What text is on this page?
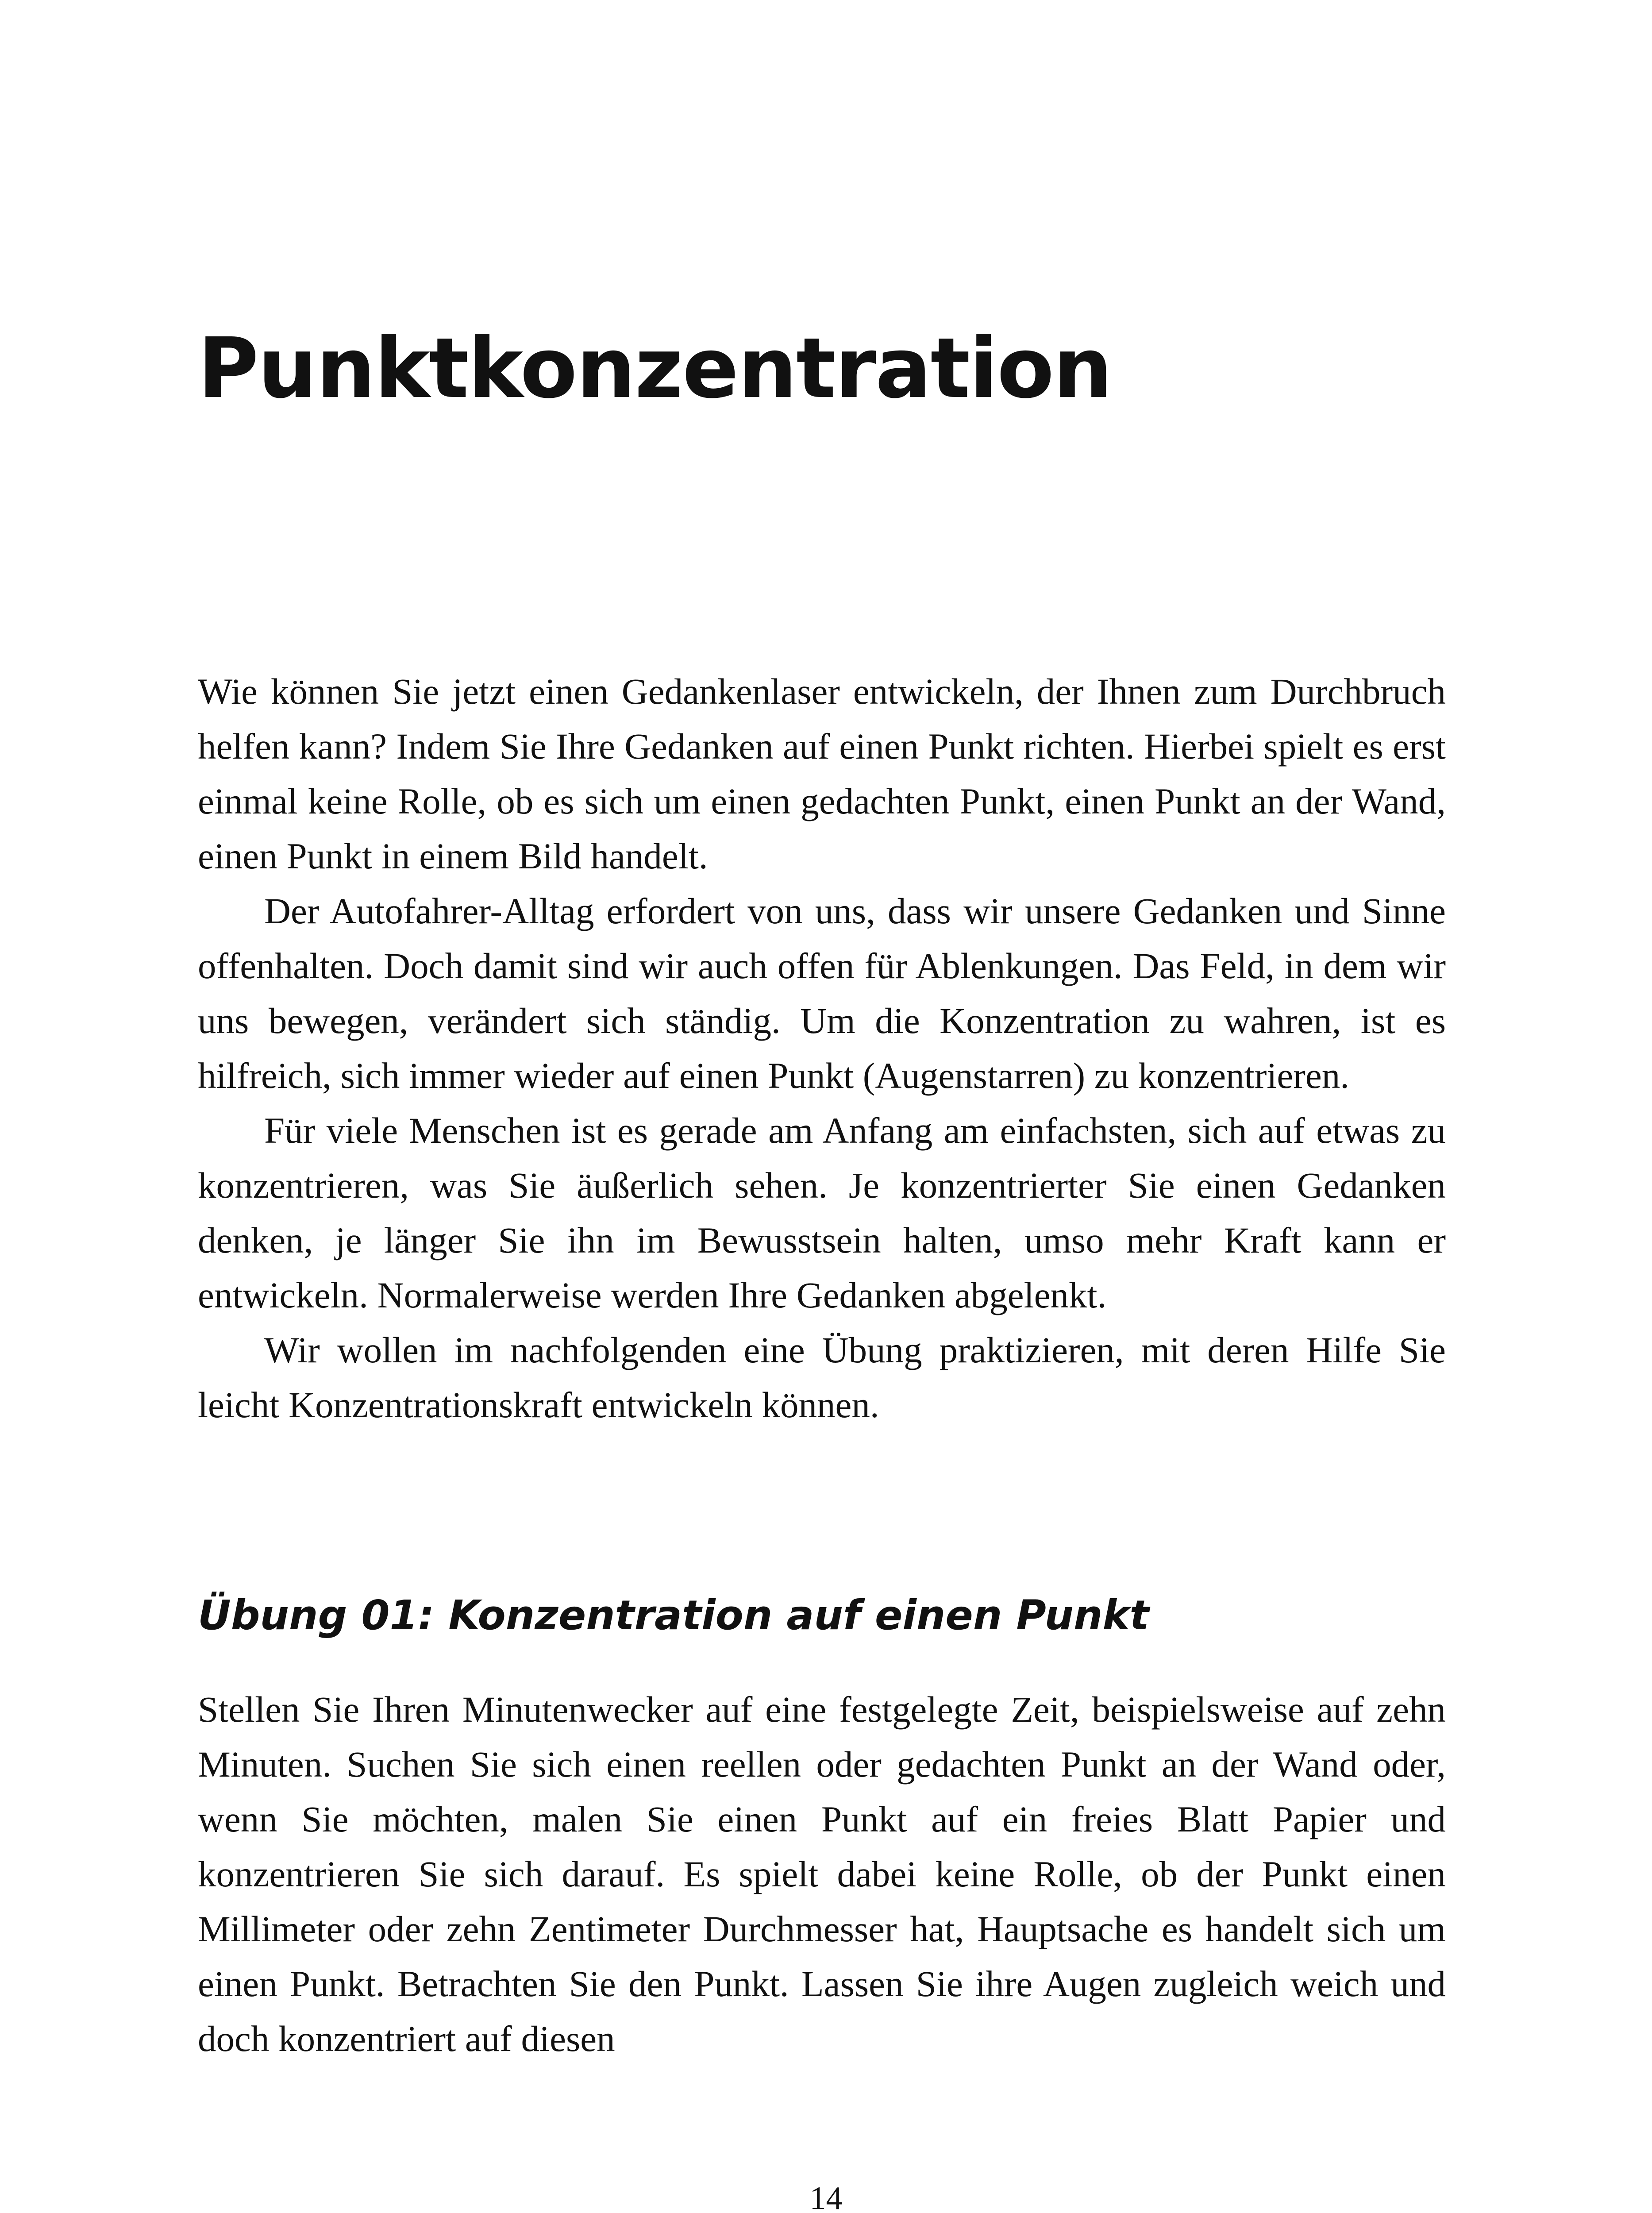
Punktkonzentration

Wie können Sie jetzt einen Gedankenlaser entwickeln, der Ihnen zum Durchbruch helfen kann? Indem Sie Ihre Gedanken auf einen Punkt richten. Hierbei spielt es erst einmal keine Rolle, ob es sich um einen gedachten Punkt, einen Punkt an der Wand, einen Punkt in einem Bild handelt.

Der Autofahrer-Alltag erfordert von uns, dass wir unsere Gedanken und Sinne offenhalten. Doch damit sind wir auch offen für Ablenkungen. Das Feld, in dem wir uns bewegen, verändert sich ständig. Um die Konzentration zu wahren, ist es hilfreich, sich immer wieder auf einen Punkt (Augenstarren) zu konzentrieren.

Für viele Menschen ist es gerade am Anfang am einfachsten, sich auf etwas zu konzentrieren, was Sie äußerlich sehen. Je konzentrierter Sie einen Gedanken denken, je länger Sie ihn im Bewusstsein halten, umso mehr Kraft kann er entwickeln. Normalerweise werden Ihre Gedanken abgelenkt.

Wir wollen im nachfolgenden eine Übung praktizieren, mit deren Hilfe Sie leicht Konzentrationskraft entwickeln können.

Übung 01: Konzentration auf einen Punkt

Stellen Sie Ihren Minutenwecker auf eine festgelegte Zeit, beispielsweise auf zehn Minuten. Suchen Sie sich einen reellen oder gedachten Punkt an der Wand oder, wenn Sie möchten, malen Sie einen Punkt auf ein freies Blatt Papier und konzentrieren Sie sich darauf. Es spielt dabei keine Rolle, ob der Punkt einen Millimeter oder zehn Zentimeter Durchmesser hat, Hauptsache es handelt sich um einen Punkt. Betrachten Sie den Punkt. Lassen Sie ihre Augen zugleich weich und doch konzentriert auf diesen

14
